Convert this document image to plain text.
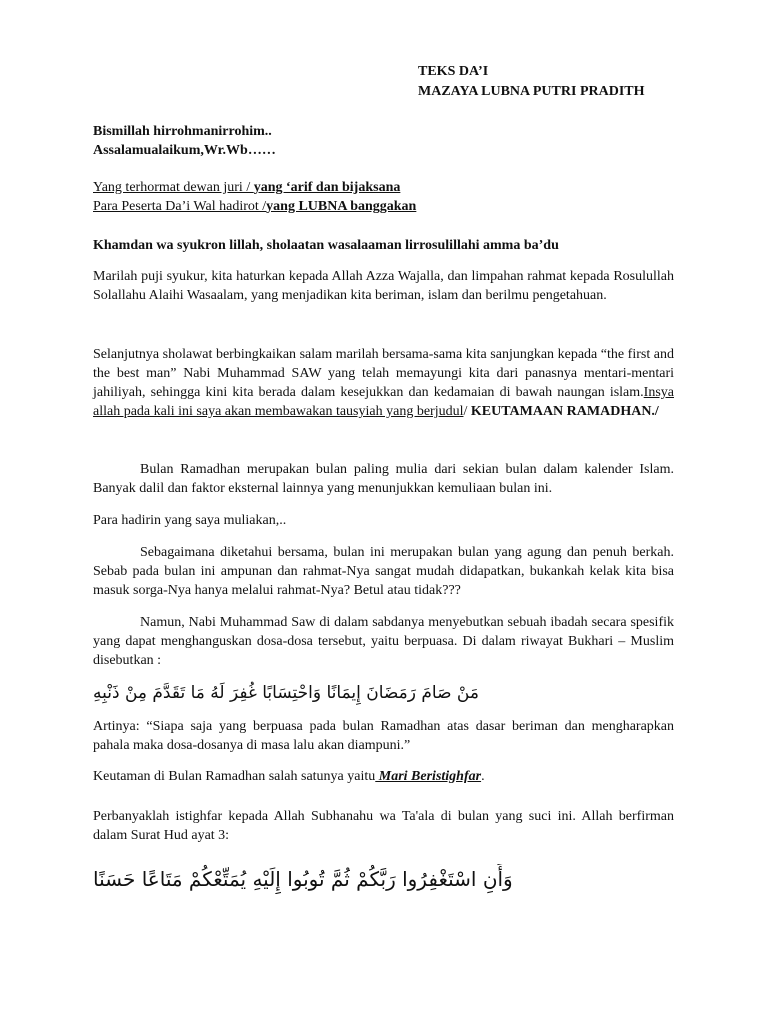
TEKS DA’I
MAZAYA LUBNA PUTRI PRADITH
Bismillah hirrohmanirrohim..
Assalamualaikum,Wr.Wb……
Yang terhormat dewan juri / yang ‘arif dan bijaksana
Para Peserta Da’i Wal hadirot /yang LUBNA banggakan
Khamdan wa syukron lillah, sholaatan wasalaaman lirrosulillahi amma ba’du
Marilah puji syukur, kita haturkan kepada Allah Azza Wajalla, dan limpahan rahmat kepada Rosulullah Solallahu Alaihi Wasaalam, yang menjadikan kita beriman, islam dan berilmu pengetahuan.
Selanjutnya sholawat berbingkaikan salam marilah bersama-sama kita sanjungkan kepada “the first and the best man” Nabi Muhammad SAW yang telah memayungi kita dari panasnya mentari-mentari jahiliyah, sehingga kini kita berada dalam kesejukkan dan kedamaian di bawah naungan islam.Insya allah pada kali ini saya akan membawakan tausyiah yang berjudul/ KEUTAMAAN RAMADHAN./
Bulan Ramadhan merupakan bulan paling mulia dari sekian bulan dalam kalender Islam. Banyak dalil dan faktor eksternal lainnya yang menunjukkan kemuliaan bulan ini.
Para hadirin yang saya muliakan,..
Sebagaimana diketahui bersama, bulan ini merupakan bulan yang agung dan penuh berkah. Sebab pada bulan ini ampunan dan rahmat-Nya sangat mudah didapatkan, bukankah kelak kita bisa masuk sorga-Nya hanya melalui rahmat-Nya? Betul atau tidak???
Namun, Nabi Muhammad Saw di dalam sabdanya menyebutkan sebuah ibadah secara spesifik yang dapat menghanguskan dosa-dosa tersebut, yaitu berpuasa. Di dalam riwayat Bukhari – Muslim disebutkan :
مَنْ صَامَ رَمَضَانَ إِيمَانًا وَاحْتِسَابًا غُفِرَ لَهُ مَا تَقَدَّمَ مِنْ ذَنْبِهِ
Artinya: “Siapa saja yang berpuasa pada bulan Ramadhan atas dasar beriman dan mengharapkan pahala maka dosa-dosanya di masa lalu akan diampuni.”
Keutaman di Bulan Ramadhan salah satunya yaitu Mari Beristighfar.
Perbanyaklah istighfar kepada Allah Subhanahu wa Ta'ala di bulan yang suci ini. Allah berfirman dalam Surat Hud ayat 3:
وَأَنِ اسْتَغْفِرُوا رَبَّكُمْ ثُمَّ تُوبُوا إِلَيْهِ يُمَتِّعْكُمْ مَتَاعًا حَسَنًا
